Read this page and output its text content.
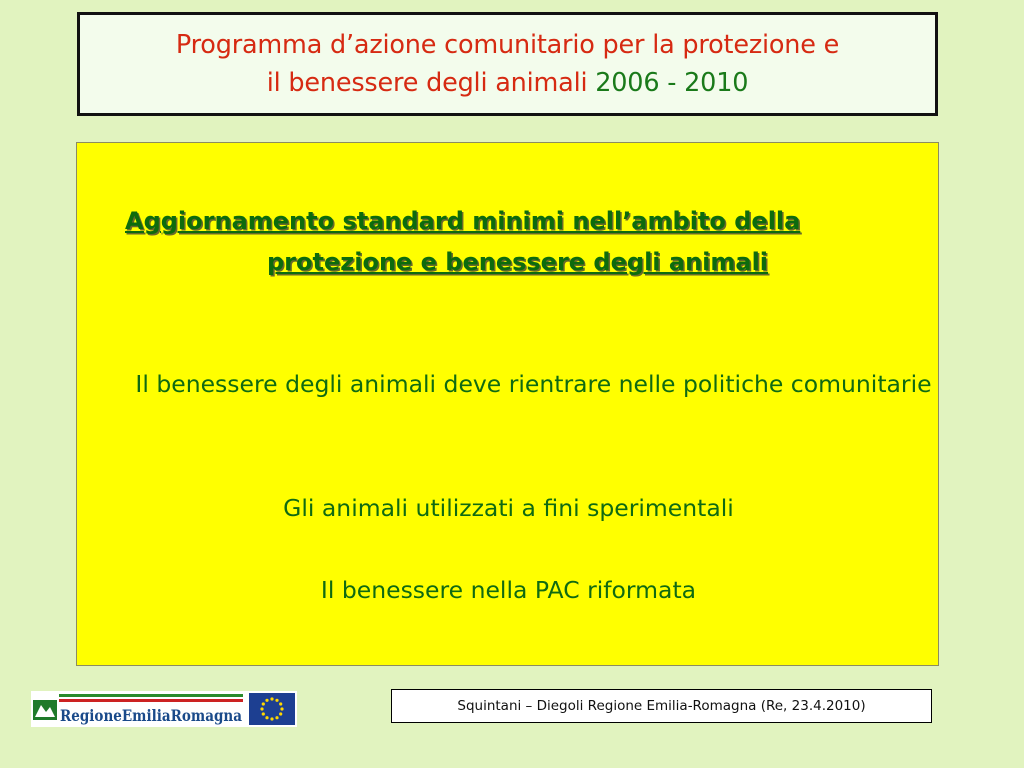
Programma d’azione comunitario per la protezione e
il benessere degli animali 2006 - 2010
Aggiornamento standard minimi nell’ambito della
protezione e benessere degli animali
Il benessere degli animali deve rientrare nelle politiche comunitarie
Gli animali utilizzati a fini sperimentali
Il benessere nella PAC riformata
RegioneEmiliaRomagna	Squintani – Diegoli Regione Emilia-Romagna (Re, 23.4.2010)
